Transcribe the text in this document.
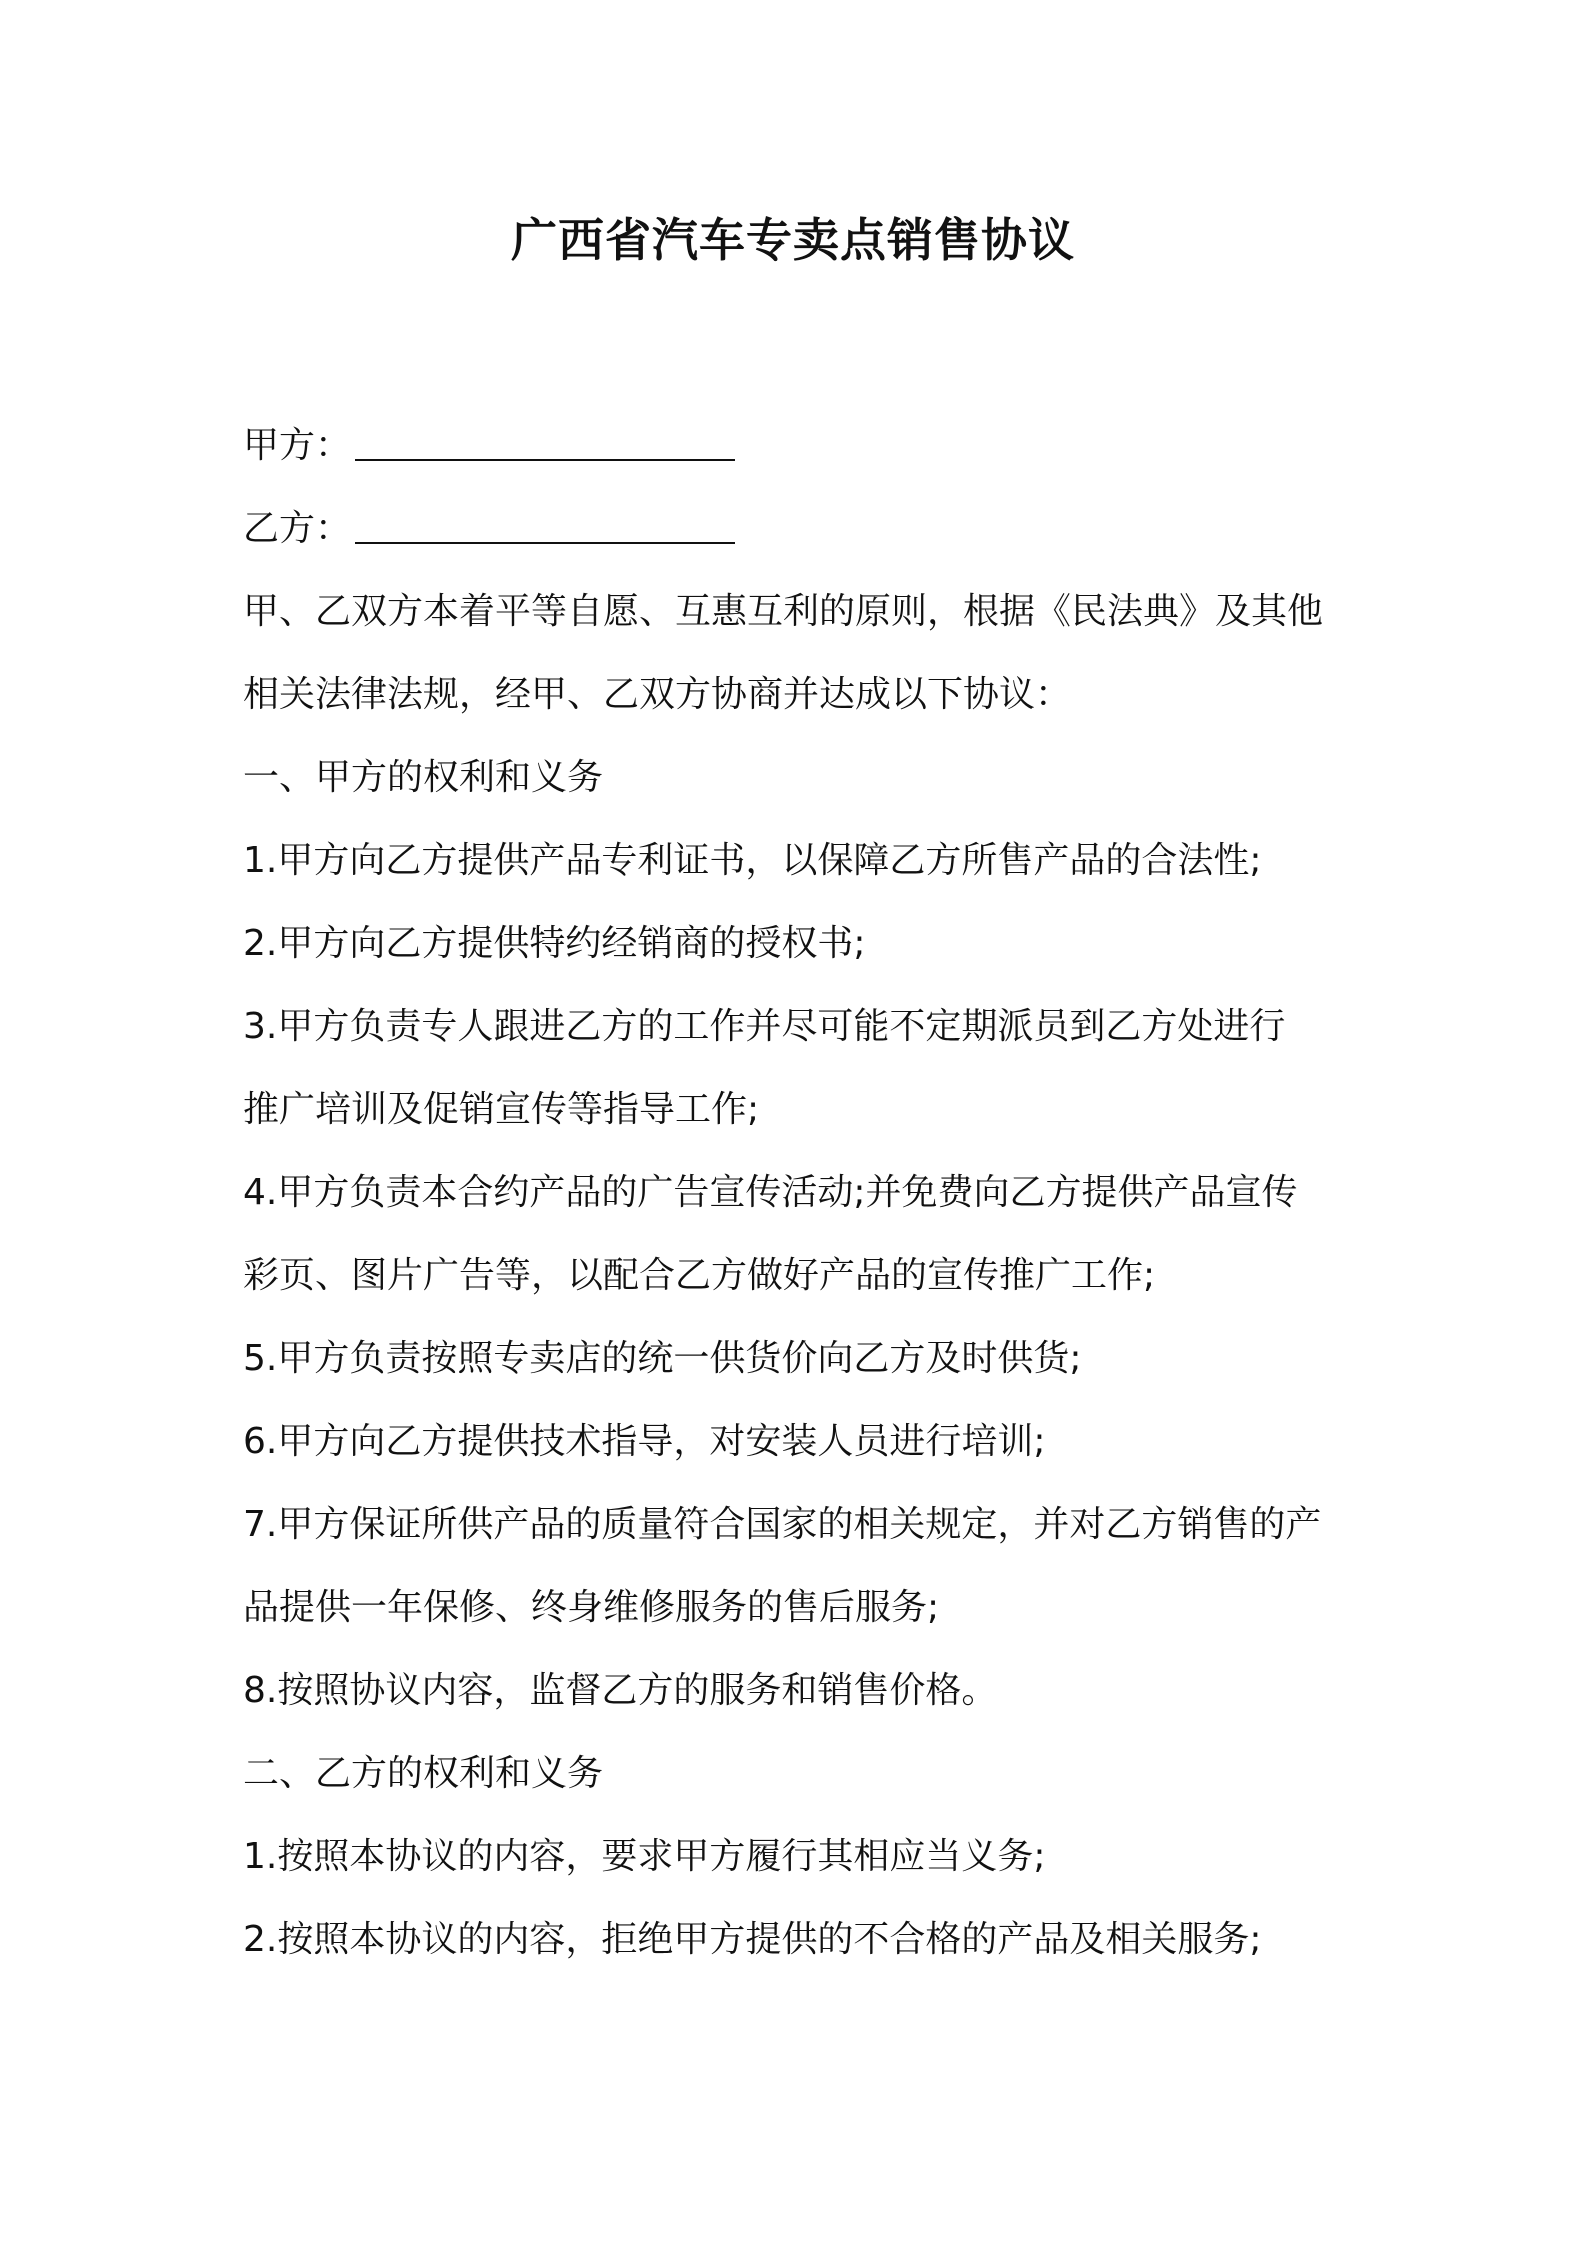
广西省汽车专卖点销售协议
甲方：
乙方：
甲、乙双方本着平等自愿、互惠互利的原则，根据《民法典》及其他
相关法律法规，经甲、乙双方协商并达成以下协议：
一、甲方的权利和义务
1.甲方向乙方提供产品专利证书，以保障乙方所售产品的合法性;
2.甲方向乙方提供特约经销商的授权书;
3.甲方负责专人跟进乙方的工作并尽可能不定期派员到乙方处进行
推广培训及促销宣传等指导工作;
4.甲方负责本合约产品的广告宣传活动;并免费向乙方提供产品宣传
彩页、图片广告等，以配合乙方做好产品的宣传推广工作;
5.甲方负责按照专卖店的统一供货价向乙方及时供货;
6.甲方向乙方提供技术指导，对安装人员进行培训;
7.甲方保证所供产品的质量符合国家的相关规定，并对乙方销售的产
品提供一年保修、终身维修服务的售后服务;
8.按照协议内容，监督乙方的服务和销售价格。
二、乙方的权利和义务
1.按照本协议的内容，要求甲方履行其相应当义务;
2.按照本协议的内容，拒绝甲方提供的不合格的产品及相关服务;
